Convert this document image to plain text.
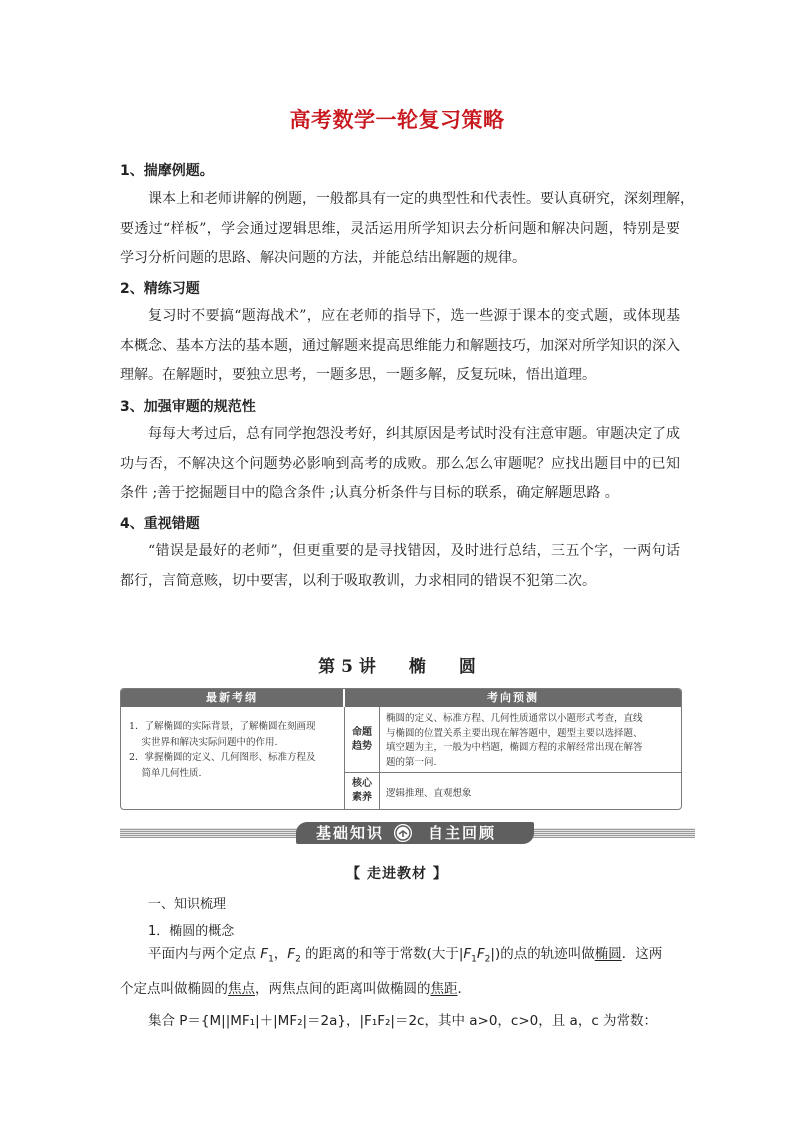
高考数学一轮复习策略
1、揣摩例题。
课本上和老师讲解的例题，一般都具有一定的典型性和代表性。要认真研究，深刻理解，
要透过“样板”，学会通过逻辑思维，灵活运用所学知识去分析问题和解决问题，特别是要
学习分析问题的思路、解决问题的方法，并能总结出解题的规律。
2、精练习题
复习时不要搞“题海战术”，应在老师的指导下，选一些源于课本的变式题，或体现基
本概念、基本方法的基本题，通过解题来提高思维能力和解题技巧，加深对所学知识的深入
理解。在解题时，要独立思考，一题多思，一题多解，反复玩味，悟出道理。
3、加强审题的规范性
每每大考过后，总有同学抱怨没考好，纠其原因是考试时没有注意审题。审题决定了成
功与否，不解决这个问题势必影响到高考的成败。那么怎么审题呢？应找出题目中的已知
条件 ;善于挖掘题目中的隐含条件 ;认真分析条件与目标的联系，确定解题思路 。
4、重视错题
“错误是最好的老师”，但更重要的是寻找错因，及时进行总结，三五个字，一两句话
都行，言简意赅，切中要害，以利于吸取教训，力求相同的错误不犯第二次。
第 5 讲　 椭　 圆
最新考纲	考向预测
1．了解椭圆的实际背景，了解椭圆在刻画现
　 实世界和解决实际问题中的作用.
2．掌握椭圆的定义、几何图形、标准方程及
　 简单几何性质.
命题
趋势
核心
素养
椭圆的定义、标准方程、几何性质通常以小题形式考查，直线
与椭圆的位置关系主要出现在解答题中，题型主要以选择题、
填空题为主，一般为中档题，椭圆方程的求解经常出现在解答
题的第一问.
逻辑推理、直观想象
基础知识	自主回顾
【 走进教材 】
一、知识梳理
1．椭圆的概念
平面内与两个定点 $F_1$，$F_2$ 的距离的和等于常数(大于$|F_1F_2|$)的点的轨迹叫做椭圆．这两
个定点叫做椭圆的焦点，两焦点间的距离叫做椭圆的焦距．
集合 P＝{M||MF₁|＋|MF₂|＝2a}，|F₁F₂|＝2c，其中 a>0，c>0，且 a，c 为常数：
